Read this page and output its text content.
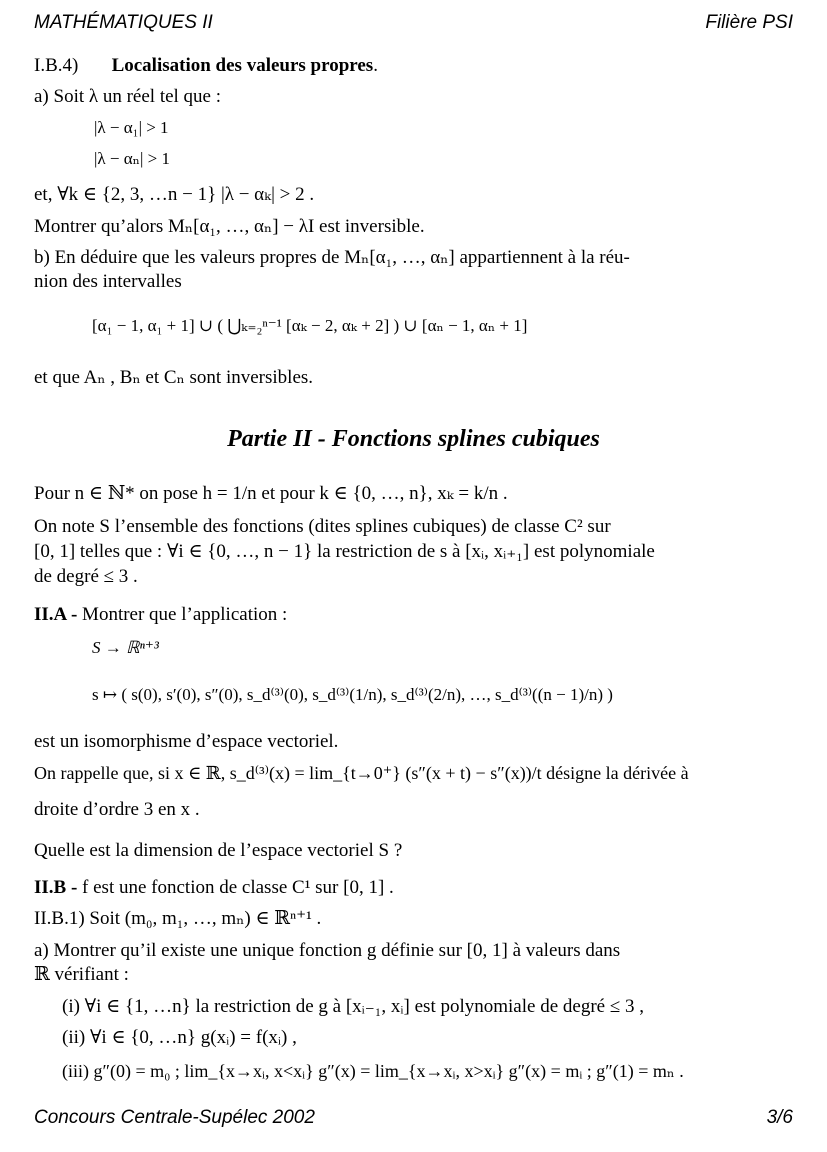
MATHÉMATIQUES II	Filière PSI
I.B.4) Localisation des valeurs propres.
a) Soit λ un réel tel que :
|λ − α₁| > 1
|λ − αₙ| > 1
et, ∀k ∈ {2, 3, …n − 1} |λ − αₖ| > 2 .
Montrer qu’alors Mₙ[α₁, …, αₙ] − λI est inversible.
b) En déduire que les valeurs propres de Mₙ[α₁, …, αₙ] appartiennent à la réu-
nion des intervalles
[α₁ − 1, α₁ + 1] ∪ ( ⋃ₖ₌₂ⁿ⁻¹ [αₖ − 2, αₖ + 2] ) ∪ [αₙ − 1, αₙ + 1]
et que Aₙ , Bₙ et Cₙ sont inversibles.
Partie II - Fonctions splines cubiques
Pour n ∈ ℕ* on pose h = 1/n et pour k ∈ {0, …, n}, xₖ = k/n .
On note S l’ensemble des fonctions (dites splines cubiques) de classe C² sur
[0, 1] telles que : ∀i ∈ {0, …, n − 1} la restriction de s à [xᵢ, xᵢ₊₁] est polynomiale
de degré ≤ 3 .
II.A - Montrer que l’application :
S → ℝⁿ⁺³
s ↦ ( s(0), s′(0), s″(0), s_d⁽³⁾(0), s_d⁽³⁾(1/n), s_d⁽³⁾(2/n), …, s_d⁽³⁾((n − 1)/n) )
est un isomorphisme d’espace vectoriel.
On rappelle que, si x ∈ ℝ, s_d⁽³⁾(x) = lim_{t→0⁺} (s″(x + t) − s″(x))/t désigne la dérivée à
droite d’ordre 3 en x .
Quelle est la dimension de l’espace vectoriel S ?
II.B - f est une fonction de classe C¹ sur [0, 1] .
II.B.1) Soit (m₀, m₁, …, mₙ) ∈ ℝⁿ⁺¹ .
a) Montrer qu’il existe une unique fonction g définie sur [0, 1] à valeurs dans
ℝ vérifiant :
(i) ∀i ∈ {1, …n} la restriction de g à [xᵢ₋₁, xᵢ] est polynomiale de degré ≤ 3 ,
(ii) ∀i ∈ {0, …n} g(xᵢ) = f(xᵢ) ,
(iii) g″(0) = m₀ ; lim_{x→xᵢ, x<xᵢ} g″(x) = lim_{x→xᵢ, x>xᵢ} g″(x) = mᵢ ; g″(1) = mₙ .
Concours Centrale-Supélec 2002	3/6
